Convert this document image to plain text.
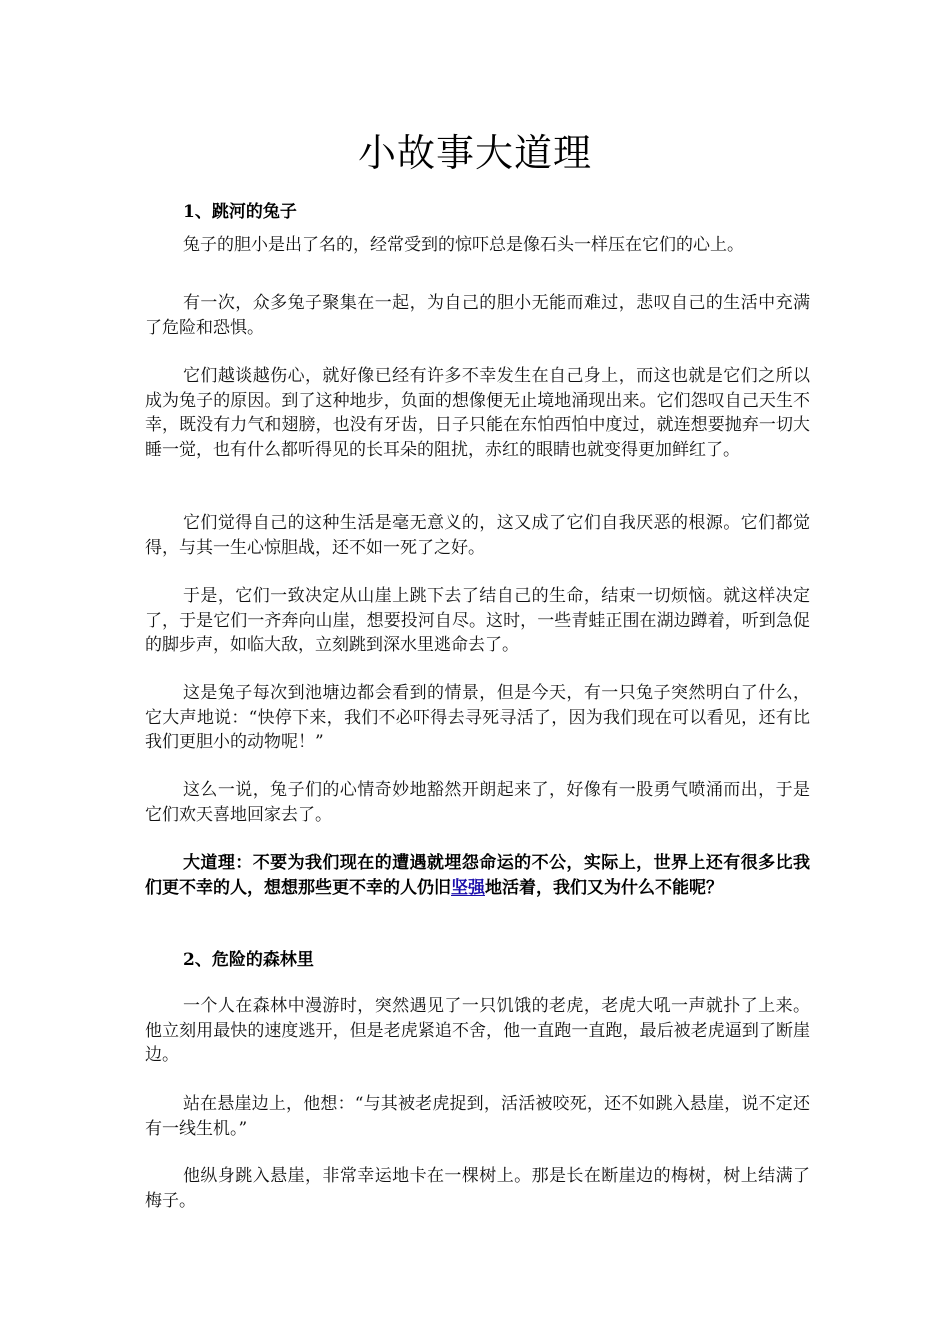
小故事大道理
1、跳河的兔子

兔子的胆小是出了名的，经常受到的惊吓总是像石头一样压在它们的心上。

有一次，众多兔子聚集在一起，为自己的胆小无能而难过，悲叹自己的生活中充满了危险和恐惧。

它们越谈越伤心，就好像已经有许多不幸发生在自己身上，而这也就是它们之所以成为兔子的原因。到了这种地步，负面的想像便无止境地涌现出来。它们怨叹自己天生不幸，既没有力气和翅膀，也没有牙齿，日子只能在东怕西怕中度过，就连想要抛弃一切大睡一觉，也有什么都听得见的长耳朵的阻扰，赤红的眼睛也就变得更加鲜红了。

它们觉得自己的这种生活是毫无意义的，这又成了它们自我厌恶的根源。它们都觉得，与其一生心惊胆战，还不如一死了之好。

于是，它们一致决定从山崖上跳下去了结自己的生命，结束一切烦恼。就这样决定了，于是它们一齐奔向山崖，想要投河自尽。这时，一些青蛙正围在湖边蹲着，听到急促的脚步声，如临大敌，立刻跳到深水里逃命去了。

这是兔子每次到池塘边都会看到的情景，但是今天，有一只兔子突然明白了什么，它大声地说：“快停下来，我们不必吓得去寻死寻活了，因为我们现在可以看见，还有比我们更胆小的动物呢！”

这么一说，兔子们的心情奇妙地豁然开朗起来了，好像有一股勇气喷涌而出，于是它们欢天喜地回家去了。

大道理：不要为我们现在的遭遇就埋怨命运的不公，实际上，世界上还有很多比我们更不幸的人，想想那些更不幸的人仍旧坚强地活着，我们又为什么不能呢？

2、危险的森林里

一个人在森林中漫游时，突然遇见了一只饥饿的老虎，老虎大吼一声就扑了上来。他立刻用最快的速度逃开，但是老虎紧追不舍，他一直跑一直跑，最后被老虎逼到了断崖边。

站在悬崖边上，他想：“与其被老虎捉到，活活被咬死，还不如跳入悬崖，说不定还有一线生机。”

他纵身跳入悬崖，非常幸运地卡在一棵树上。那是长在断崖边的梅树，树上结满了梅子。
